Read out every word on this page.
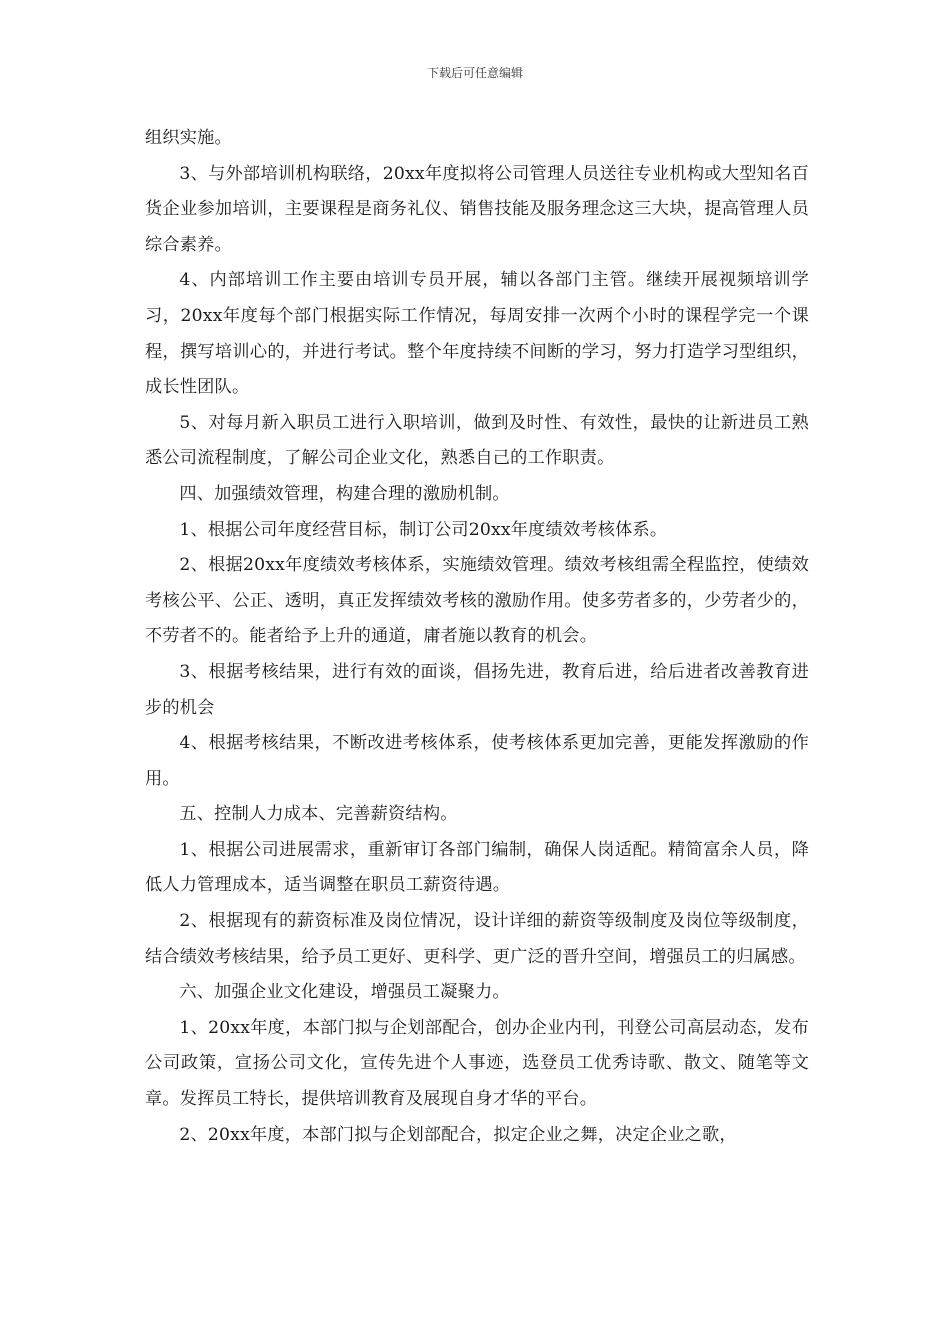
下载后可任意编辑

组织实施。

3、与外部培训机构联络，20xx年度拟将公司管理人员送往专业机构或大型知名百货企业参加培训，主要课程是商务礼仪、销售技能及服务理念这三大块，提高管理人员综合素养。

4、内部培训工作主要由培训专员开展，辅以各部门主管。继续开展视频培训学习，20xx年度每个部门根据实际工作情况，每周安排一次两个小时的课程学完一个课程，撰写培训心的，并进行考试。整个年度持续不间断的学习，努力打造学习型组织，成长性团队。

5、对每月新入职员工进行入职培训，做到及时性、有效性，最快的让新进员工熟悉公司流程制度，了解公司企业文化，熟悉自己的工作职责。

四、加强绩效管理，构建合理的激励机制。

1、根据公司年度经营目标，制订公司20xx年度绩效考核体系。

2、根据20xx年度绩效考核体系，实施绩效管理。绩效考核组需全程监控，使绩效考核公平、公正、透明，真正发挥绩效考核的激励作用。使多劳者多的，少劳者少的，不劳者不的。能者给予上升的通道，庸者施以教育的机会。

3、根据考核结果，进行有效的面谈，倡扬先进，教育后进，给后进者改善教育进步的机会

4、根据考核结果，不断改进考核体系，使考核体系更加完善，更能发挥激励的作用。

五、控制人力成本、完善薪资结构。

1、根据公司进展需求，重新审订各部门编制，确保人岗适配。精简富余人员，降低人力管理成本，适当调整在职员工薪资待遇。

2、根据现有的薪资标准及岗位情况，设计详细的薪资等级制度及岗位等级制度，结合绩效考核结果，给予员工更好、更科学、更广泛的晋升空间，增强员工的归属感。

六、加强企业文化建设，增强员工凝聚力。

1、20xx年度，本部门拟与企划部配合，创办企业内刊，刊登公司高层动态，发布公司政策，宣扬公司文化，宣传先进个人事迹，选登员工优秀诗歌、散文、随笔等文章。发挥员工特长，提供培训教育及展现自身才华的平台。

2、20xx年度，本部门拟与企划部配合，拟定企业之舞，决定企业之歌，
